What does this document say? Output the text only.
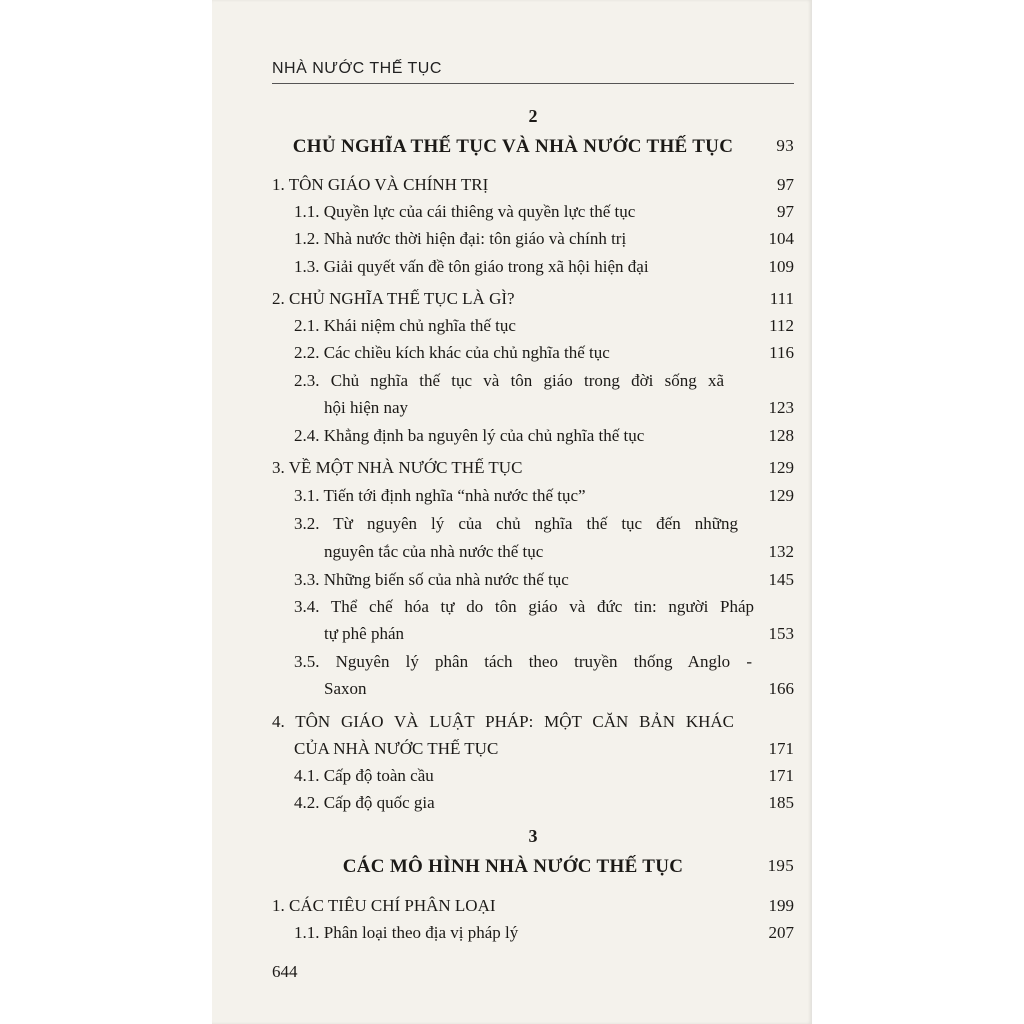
NHÀ NƯỚC THẾ TỤC
2
CHỦ NGHĨA THẾ TỤC VÀ NHÀ NƯỚC THẾ TỤC	93
1. TÔN GIÁO VÀ CHÍNH TRỊ	97
1.1. Quyền lực của cái thiêng và quyền lực thế tục	97
1.2. Nhà nước thời hiện đại: tôn giáo và chính trị	104
1.3. Giải quyết vấn đề tôn giáo trong xã hội hiện đại	109
2. CHỦ NGHĨA THẾ TỤC LÀ GÌ?	111
2.1. Khái niệm chủ nghĩa thế tục	112
2.2. Các chiều kích khác của chủ nghĩa thế tục	116
2.3. Chủ nghĩa thế tục và tôn giáo trong đời sống xã
hội hiện nay	123
2.4. Khẳng định ba nguyên lý của chủ nghĩa thế tục	128
3. VỀ MỘT NHÀ NƯỚC THẾ TỤC	129
3.1. Tiến tới định nghĩa “nhà nước thế tục”	129
3.2. Từ nguyên lý của chủ nghĩa thế tục đến những
nguyên tắc của nhà nước thế tục	132
3.3. Những biến số của nhà nước thế tục	145
3.4. Thể chế hóa tự do tôn giáo và đức tin: người Pháp
tự phê phán	153
3.5. Nguyên lý phân tách theo truyền thống Anglo -
Saxon	166
4. TÔN GIÁO VÀ LUẬT PHÁP: MỘT CĂN BẢN KHÁC
CỦA NHÀ NƯỚC THẾ TỤC	171
4.1. Cấp độ toàn cầu	171
4.2. Cấp độ quốc gia	185
3
CÁC MÔ HÌNH NHÀ NƯỚC THẾ TỤC	195
1. CÁC TIÊU CHÍ PHÂN LOẠI	199
1.1. Phân loại theo địa vị pháp lý	207
644
